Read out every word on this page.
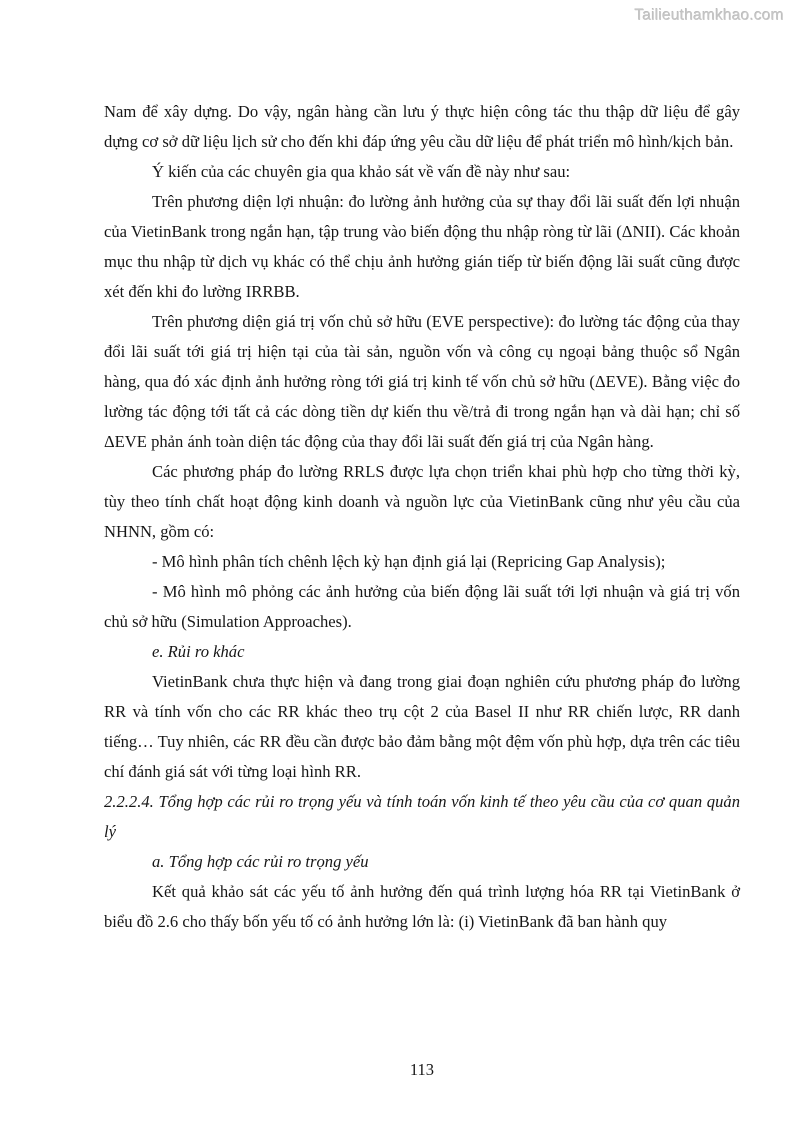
Tailieuthamkhao.com

Nam để xây dựng. Do vậy, ngân hàng cần lưu ý thực hiện công tác thu thập dữ liệu để gây dựng cơ sở dữ liệu lịch sử cho đến khi đáp ứng yêu cầu dữ liệu để phát triển mô hình/kịch bản.

Ý kiến của các chuyên gia qua khảo sát về vấn đề này như sau:

Trên phương diện lợi nhuận: đo lường ảnh hưởng của sự thay đổi lãi suất đến lợi nhuận của VietinBank trong ngắn hạn, tập trung vào biến động thu nhập ròng từ lãi (ΔNII). Các khoản mục thu nhập từ dịch vụ khác có thể chịu ảnh hưởng gián tiếp từ biến động lãi suất cũng được xét đến khi đo lường IRRBB.

Trên phương diện giá trị vốn chủ sở hữu (EVE perspective): đo lường tác động của thay đổi lãi suất tới giá trị hiện tại của tài sản, nguồn vốn và công cụ ngoại bảng thuộc sổ Ngân hàng, qua đó xác định ảnh hưởng ròng tới giá trị kinh tế vốn chủ sở hữu (ΔEVE). Bằng việc đo lường tác động tới tất cả các dòng tiền dự kiến thu về/trả đi trong ngắn hạn và dài hạn; chỉ số ΔEVE phản ánh toàn diện tác động của thay đổi lãi suất đến giá trị của Ngân hàng.

Các phương pháp đo lường RRLS được lựa chọn triển khai phù hợp cho từng thời kỳ, tùy theo tính chất hoạt động kinh doanh và nguồn lực của VietinBank cũng như yêu cầu của NHNN, gồm có:

- Mô hình phân tích chênh lệch kỳ hạn định giá lại (Repricing Gap Analysis);

- Mô hình mô phỏng các ảnh hưởng của biến động lãi suất tới lợi nhuận và giá trị vốn chủ sở hữu (Simulation Approaches).

e. Rủi ro khác

VietinBank chưa thực hiện và đang trong giai đoạn nghiên cứu phương pháp đo lường RR và tính vốn cho các RR khác theo trụ cột 2 của Basel II như RR chiến lược, RR danh tiếng… Tuy nhiên, các RR đều cần được bảo đảm bằng một đệm vốn phù hợp, dựa trên các tiêu chí đánh giá sát với từng loại hình RR.

2.2.2.4. Tổng hợp các rủi ro trọng yếu và tính toán vốn kinh tế theo yêu cầu của cơ quan quản lý

a. Tổng hợp các rủi ro trọng yếu

Kết quả khảo sát các yếu tố ảnh hưởng đến quá trình lượng hóa RR tại VietinBank ở biểu đồ 2.6 cho thấy bốn yếu tố có ảnh hưởng lớn là: (i) VietinBank đã ban hành quy

113
